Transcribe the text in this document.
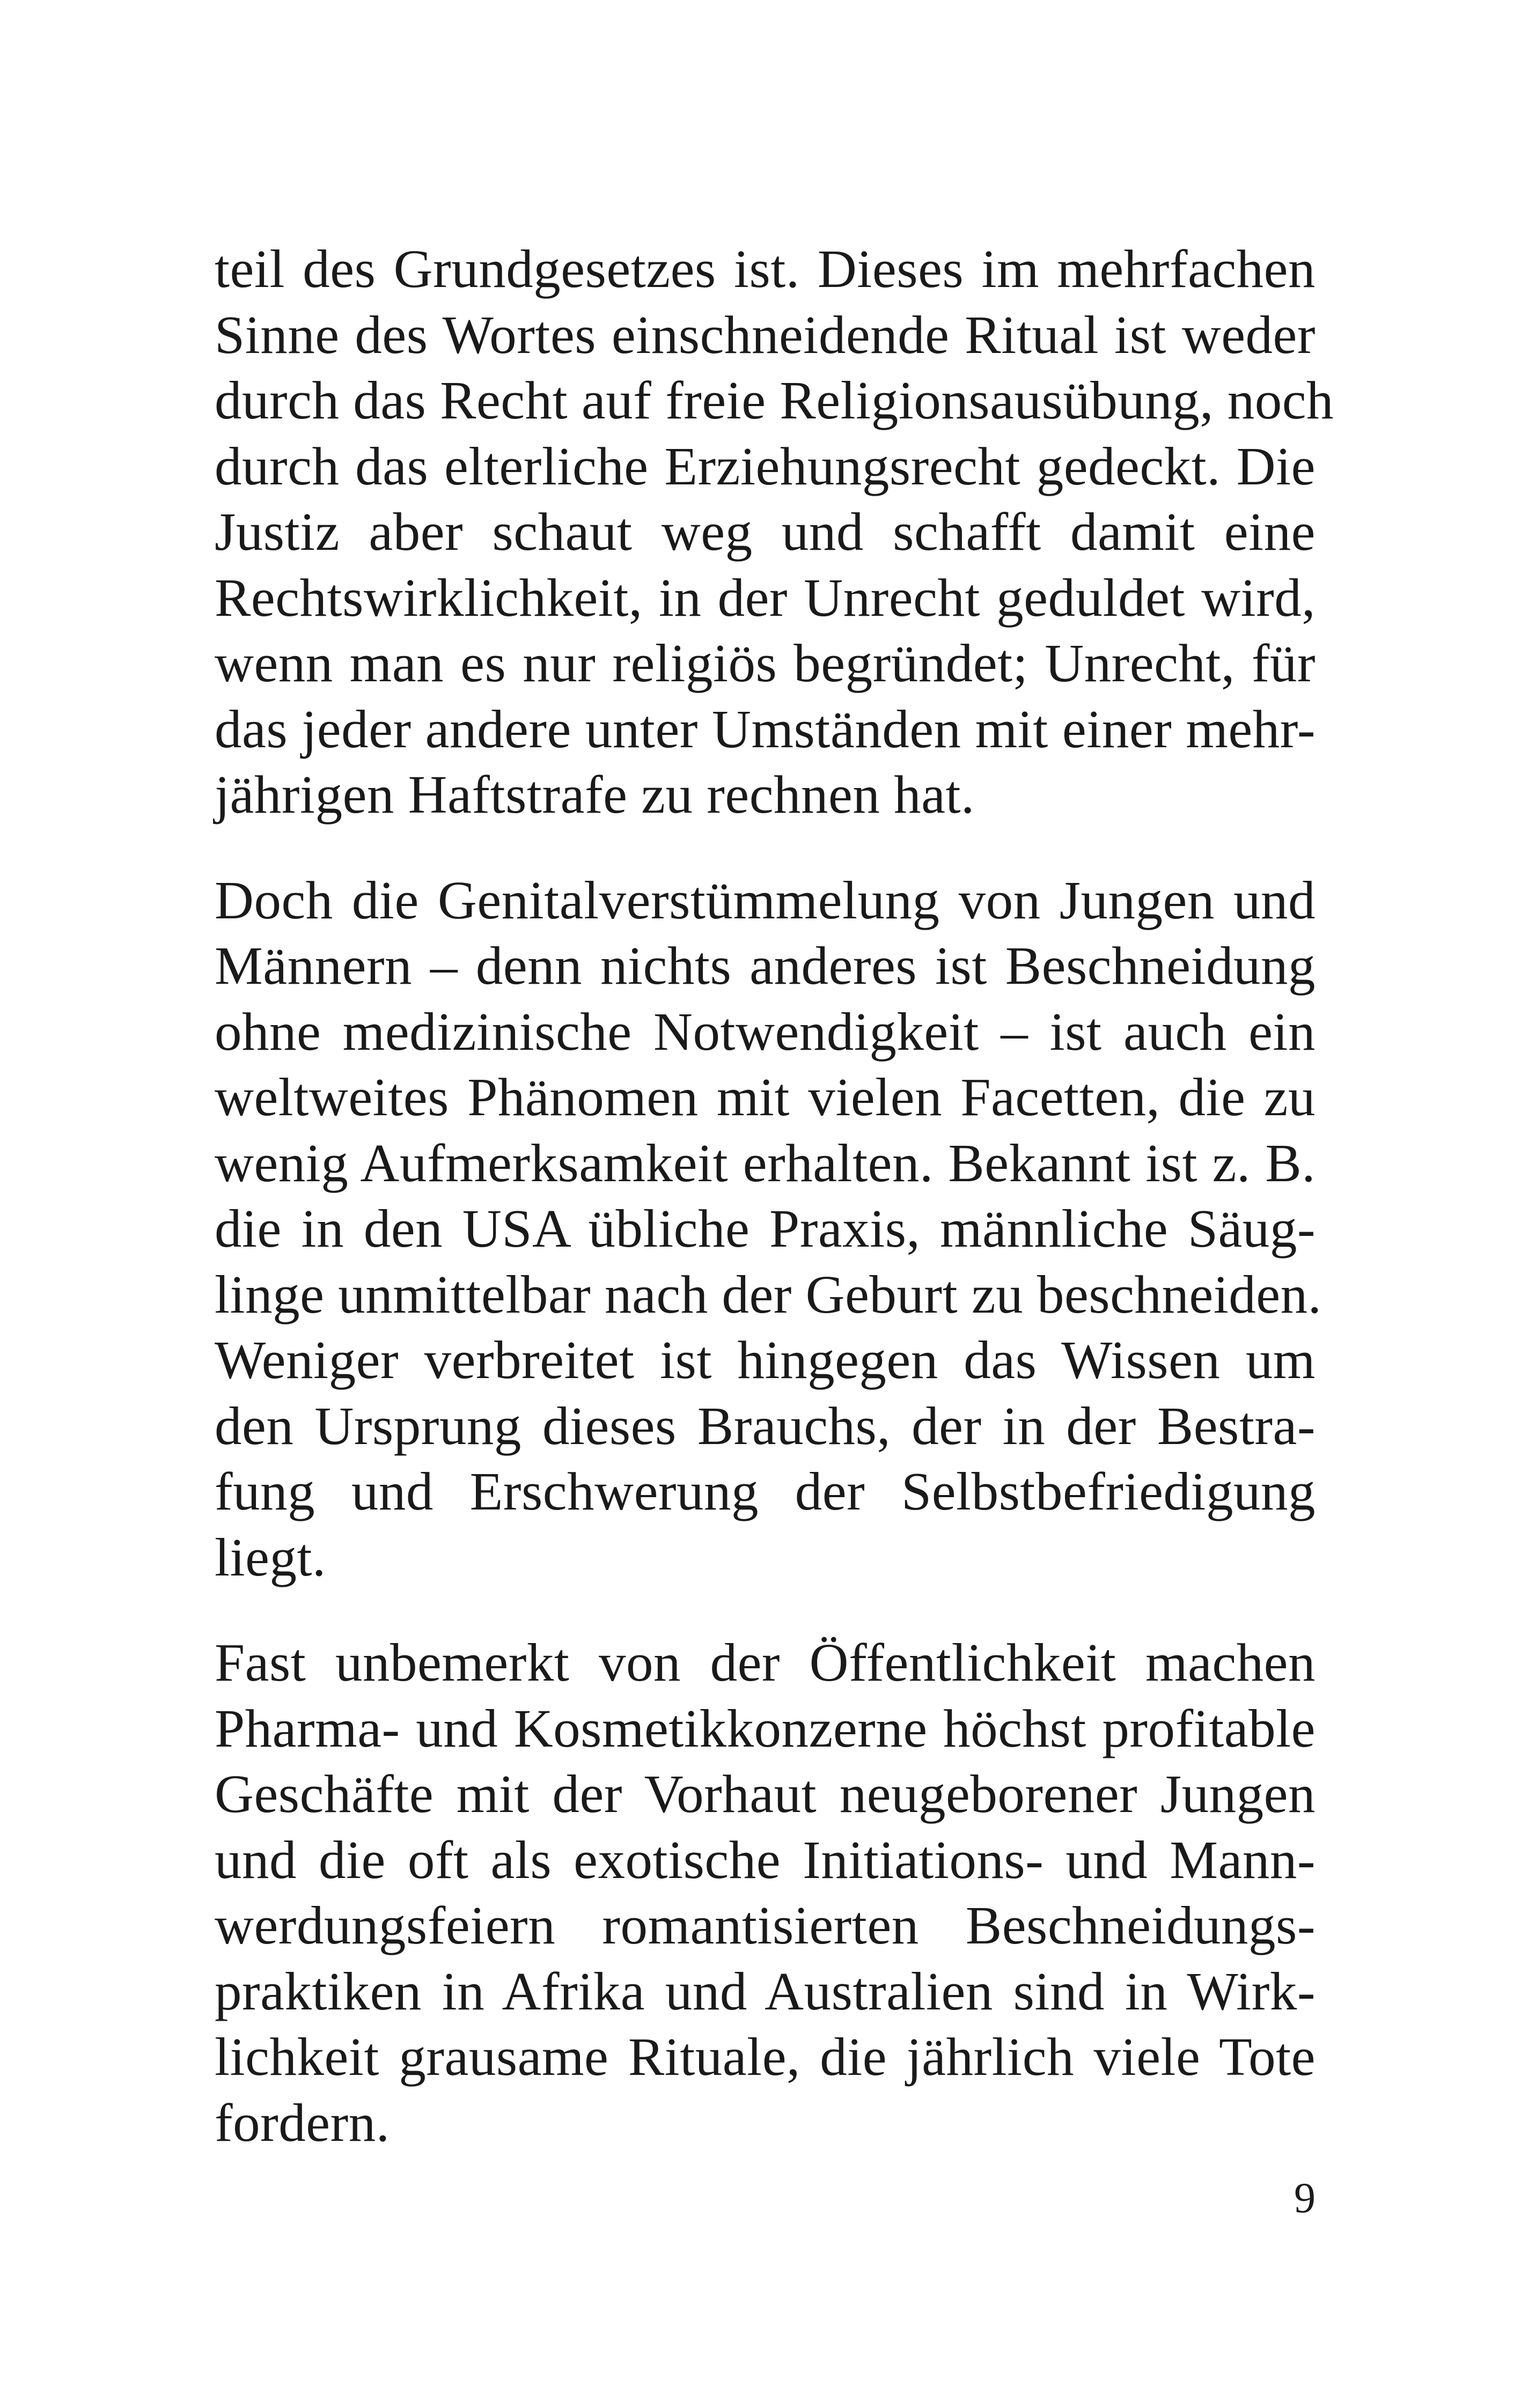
teil des Grundgesetzes ist. Dieses im mehrfachen
Sinne des Wortes einschneidende Ritual ist weder
durch das Recht auf freie Religionsausübung, noch
durch das elterliche Erziehungsrecht gedeckt. Die
Justiz aber schaut weg und schafft damit eine
Rechtswirklichkeit, in der Unrecht geduldet wird,
wenn man es nur religiös begründet; Unrecht, für
das jeder andere unter Umständen mit einer mehr-
jährigen Haftstrafe zu rechnen hat.
Doch die Genitalverstümmelung von Jungen und
Männern – denn nichts anderes ist Beschneidung
ohne medizinische Notwendigkeit – ist auch ein
weltweites Phänomen mit vielen Facetten, die zu
wenig Aufmerksamkeit erhalten. Bekannt ist z. B.
die in den USA übliche Praxis, männliche Säug-
linge unmittelbar nach der Geburt zu beschneiden.
Weniger verbreitet ist hingegen das Wissen um
den Ursprung dieses Brauchs, der in der Bestra-
fung und Erschwerung der Selbstbefriedigung
liegt.
Fast unbemerkt von der Öffentlichkeit machen
Pharma- und Kosmetikkonzerne höchst profitable
Geschäfte mit der Vorhaut neugeborener Jungen
und die oft als exotische Initiations- und Mann-
werdungsfeiern romantisierten Beschneidungs-
praktiken in Afrika und Australien sind in Wirk-
lichkeit grausame Rituale, die jährlich viele Tote
fordern.
9
